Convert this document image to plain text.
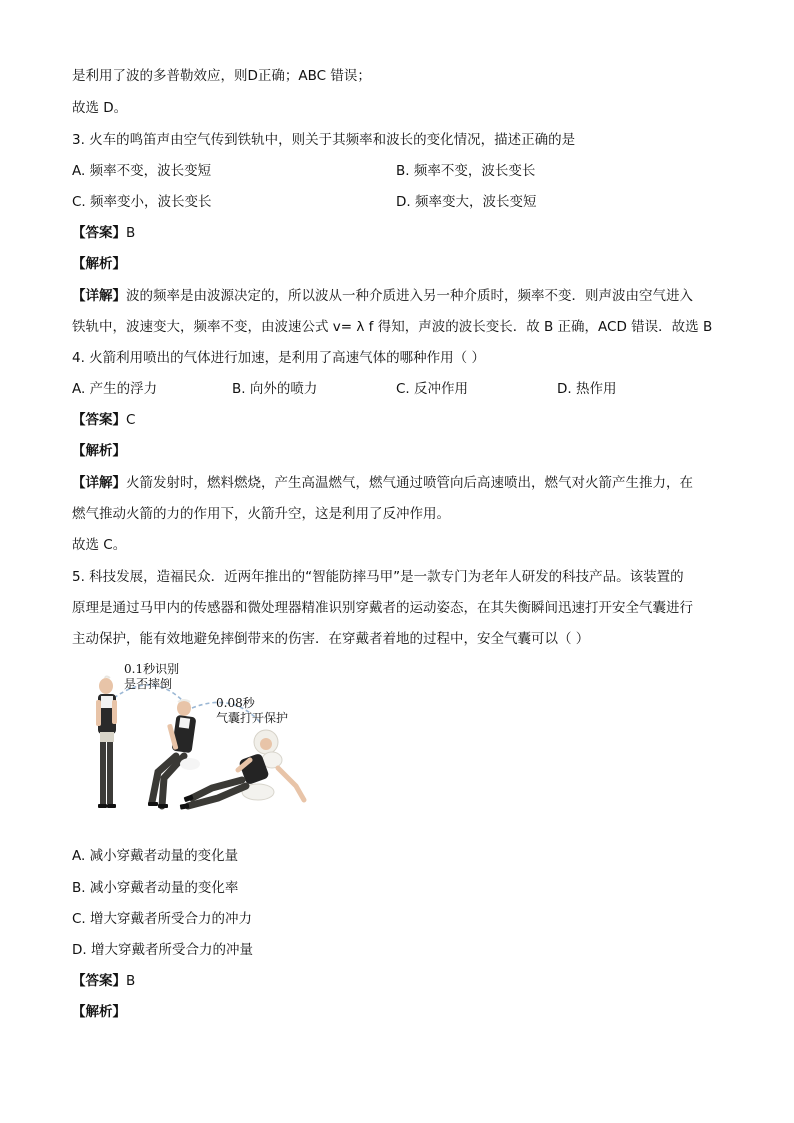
是利用了波的多普勒效应，则D正确；ABC 错误；
故选 D。
3. 火车的鸣笛声由空气传到铁轨中，则关于其频率和波长的变化情况，描述正确的是
A. 频率不变，波长变短	B. 频率不变，波长变长
C. 频率变小，波长变长	D. 频率变大，波长变短
【答案】B
【解析】
【详解】波的频率是由波源决定的，所以波从一种介质进入另一种介质时，频率不变．则声波由空气进入
铁轨中，波速变大，频率不变，由波速公式 v= λ f 得知，声波的波长变长．故 B 正确，ACD 错误．故选 B
4. 火箭利用喷出的气体进行加速，是利用了高速气体的哪种作用（ ）
A. 产生的浮力	B. 向外的喷力	C. 反冲作用	D. 热作用
【答案】C
【解析】
【详解】火箭发射时，燃料燃烧，产生高温燃气，燃气通过喷管向后高速喷出，燃气对火箭产生推力，在
燃气推动火箭的力的作用下，火箭升空，这是利用了反冲作用。
故选 C。
5. 科技发展，造福民众．近两年推出的“智能防摔马甲”是一款专门为老年人研发的科技产品。该装置的
原理是通过马甲内的传感器和微处理器精准识别穿戴者的运动姿态，在其失衡瞬间迅速打开安全气囊进行
主动保护，能有效地避免摔倒带来的伤害．在穿戴者着地的过程中，安全气囊可以（ ）
0.1秒识别
是否摔倒
0.08秒
气囊打开保护
A. 减小穿戴者动量的变化量
B. 减小穿戴者动量的变化率
C. 增大穿戴者所受合力的冲力
D. 增大穿戴者所受合力的冲量
【答案】B
【解析】
